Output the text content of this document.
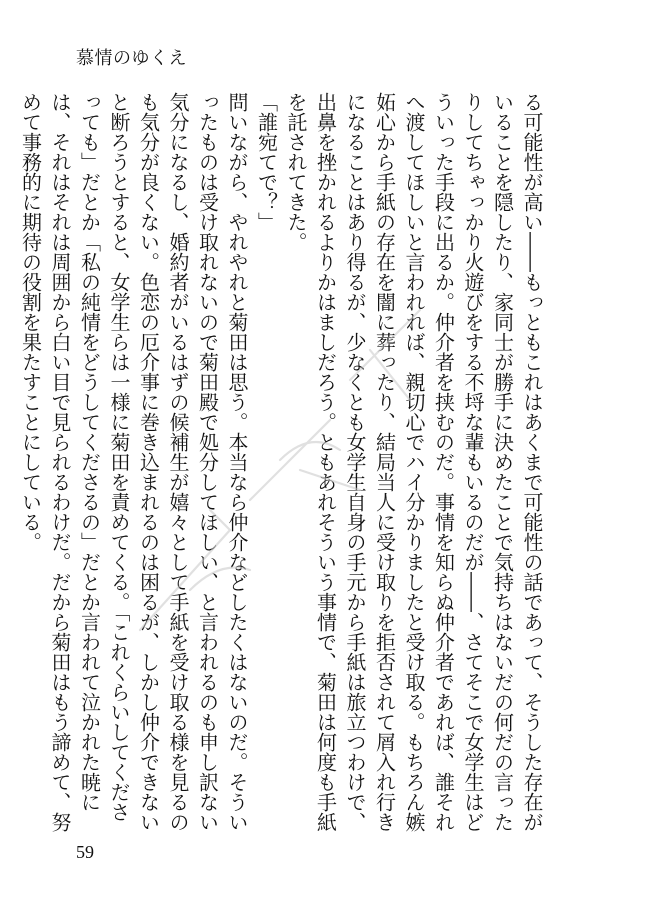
慕情のゆくえ

る可能性が高い――もっともこれはあくまで可能性の話であって、そうした存在がいることを隠したり、家同士が勝手に決めたことで気持ちはないだの何だの言ったりしてちゃっかり火遊びをする不埒な輩もいるのだが――、さてそこで女学生はどういった手段に出るか。仲介者を挟むのだ。事情を知らぬ仲介者であれば、誰それへ渡してほしいと言われれば、親切心でハイ分かりましたと受け取る。もちろん嫉妬心から手紙の存在を闇に葬ったり、結局当人に受け取りを拒否されて屑入れ行きになることはあり得るが、少なくとも女学生自身の手元から手紙は旅立つわけで、出鼻を挫かれるよりかはましだろう。ともあれそういう事情で、菊田は何度も手紙を託されてきた。

「誰宛てで？」

問いながら、やれやれと菊田は思う。本当なら仲介などしたくはないのだ。そういったものは受け取れないので菊田殿で処分してほしい、と言われるのも申し訳ない気分になるし、婚約者がいるはずの候補生が嬉々として手紙を受け取る様を見るのも気分が良くない。色恋の厄介事に巻き込まれるのは困るが、しかし仲介できないと断ろうとすると、女学生らは一様に菊田を責めてくる。「これくらいしてくださっても」だとか「私の純情をどうしてくださるの」だとか言われて泣かれた暁には、それはそれは周囲から白い目で見られるわけだ。だから菊田はもう諦めて、努めて事務的に期待の役割を果たすことにしている。

59
